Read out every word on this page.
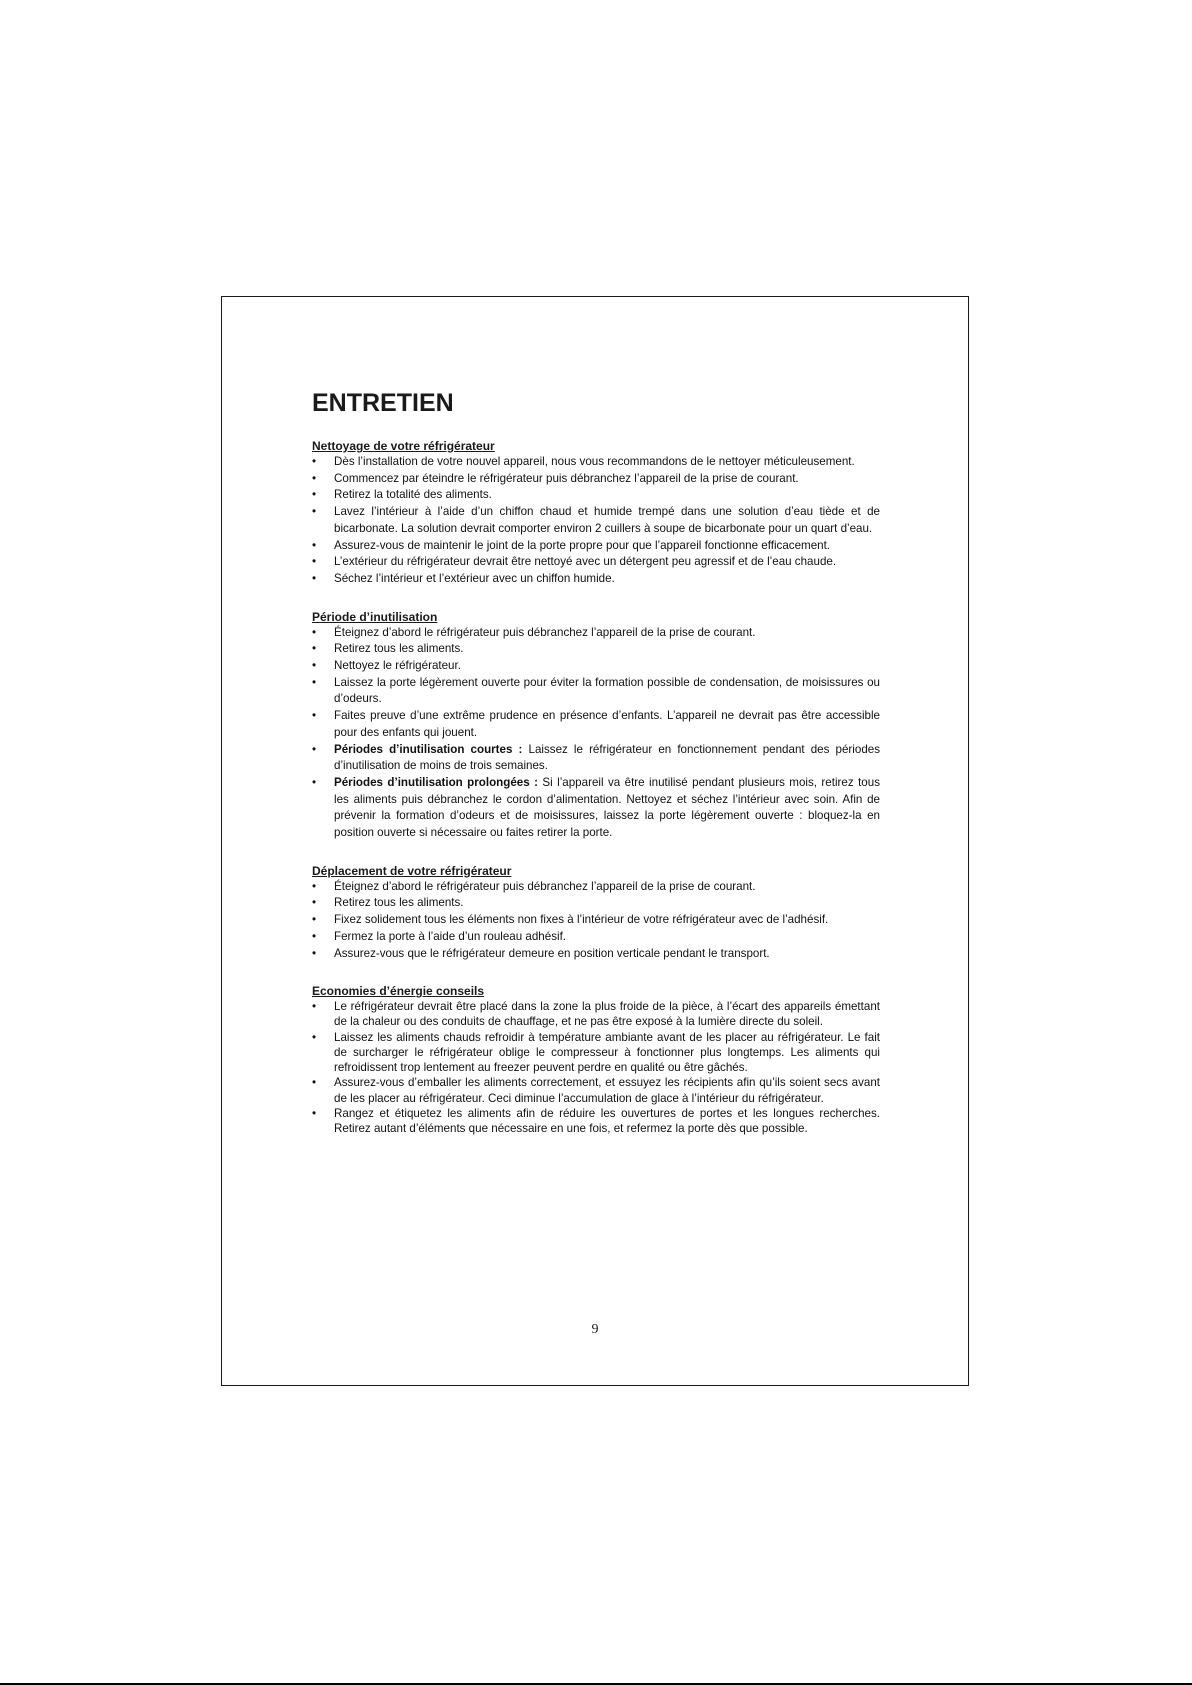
ENTRETIEN

Nettoyage de votre réfrigérateur

•	Dès l’installation de votre nouvel appareil, nous vous recommandons de le nettoyer méticuleusement.
•	Commencez par éteindre le réfrigérateur puis débranchez l’appareil de la prise de courant.
•	Retirez la totalité des aliments.
•	Lavez l’intérieur à l’aide d’un chiffon chaud et humide trempé dans une solution d’eau tiède et de bicarbonate. La solution devrait comporter environ 2 cuillers à soupe de bicarbonate pour un quart d’eau.
•	Assurez-vous de maintenir le joint de la porte propre pour que l’appareil fonctionne efficacement.
•	L’extérieur du réfrigérateur devrait être nettoyé avec un détergent peu agressif et de l’eau chaude.
•	Séchez l’intérieur et l’extérieur avec un chiffon humide.

Période d’inutilisation

•	Éteignez d’abord le réfrigérateur puis débranchez l’appareil de la prise de courant.
•	Retirez tous les aliments.
•	Nettoyez le réfrigérateur.
•	Laissez la porte légèrement ouverte pour éviter la formation possible de condensation, de moisissures ou d’odeurs.
•	Faites preuve d’une extrême prudence en présence d’enfants. L’appareil ne devrait pas être accessible pour des enfants qui jouent.
•	Périodes d’inutilisation courtes : Laissez le réfrigérateur en fonctionnement pendant des périodes d’inutilisation de moins de trois semaines.
•	Périodes d’inutilisation prolongées : Si l’appareil va être inutilisé pendant plusieurs mois, retirez tous les aliments puis débranchez le cordon d’alimentation. Nettoyez et séchez l’intérieur avec soin. Afin de prévenir la formation d’odeurs et de moisissures, laissez la porte légèrement ouverte : bloquez-la en position ouverte si nécessaire ou faites retirer la porte.

Déplacement de votre réfrigérateur

•	Éteignez d’abord le réfrigérateur puis débranchez l’appareil de la prise de courant.
•	Retirez tous les aliments.
•	Fixez solidement tous les éléments non fixes à l’intérieur de votre réfrigérateur avec de l’adhésif.
•	Fermez la porte à l’aide d’un rouleau adhésif.
•	Assurez-vous que le réfrigérateur demeure en position verticale pendant le transport.

Economies d’énergie conseils

•	Le réfrigérateur devrait être placé dans la zone la plus froide de la pièce, à l’écart des appareils émettant de la chaleur ou des conduits de chauffage, et ne pas être exposé à la lumière directe du soleil.
•	Laissez les aliments chauds refroidir à température ambiante avant de les placer au réfrigérateur. Le fait de surcharger le réfrigérateur oblige le compresseur à fonctionner plus longtemps. Les aliments qui refroidissent trop lentement au freezer peuvent perdre en qualité ou être gâchés.
•	Assurez-vous d’emballer les aliments correctement, et essuyez les récipients afin qu’ils soient secs avant de les placer au réfrigérateur. Ceci diminue l’accumulation de glace à l’intérieur du réfrigérateur.
•	Rangez et étiquetez les aliments afin de réduire les ouvertures de portes et les longues recherches. Retirez autant d’éléments que nécessaire en une fois, et refermez la porte dès que possible.
9
